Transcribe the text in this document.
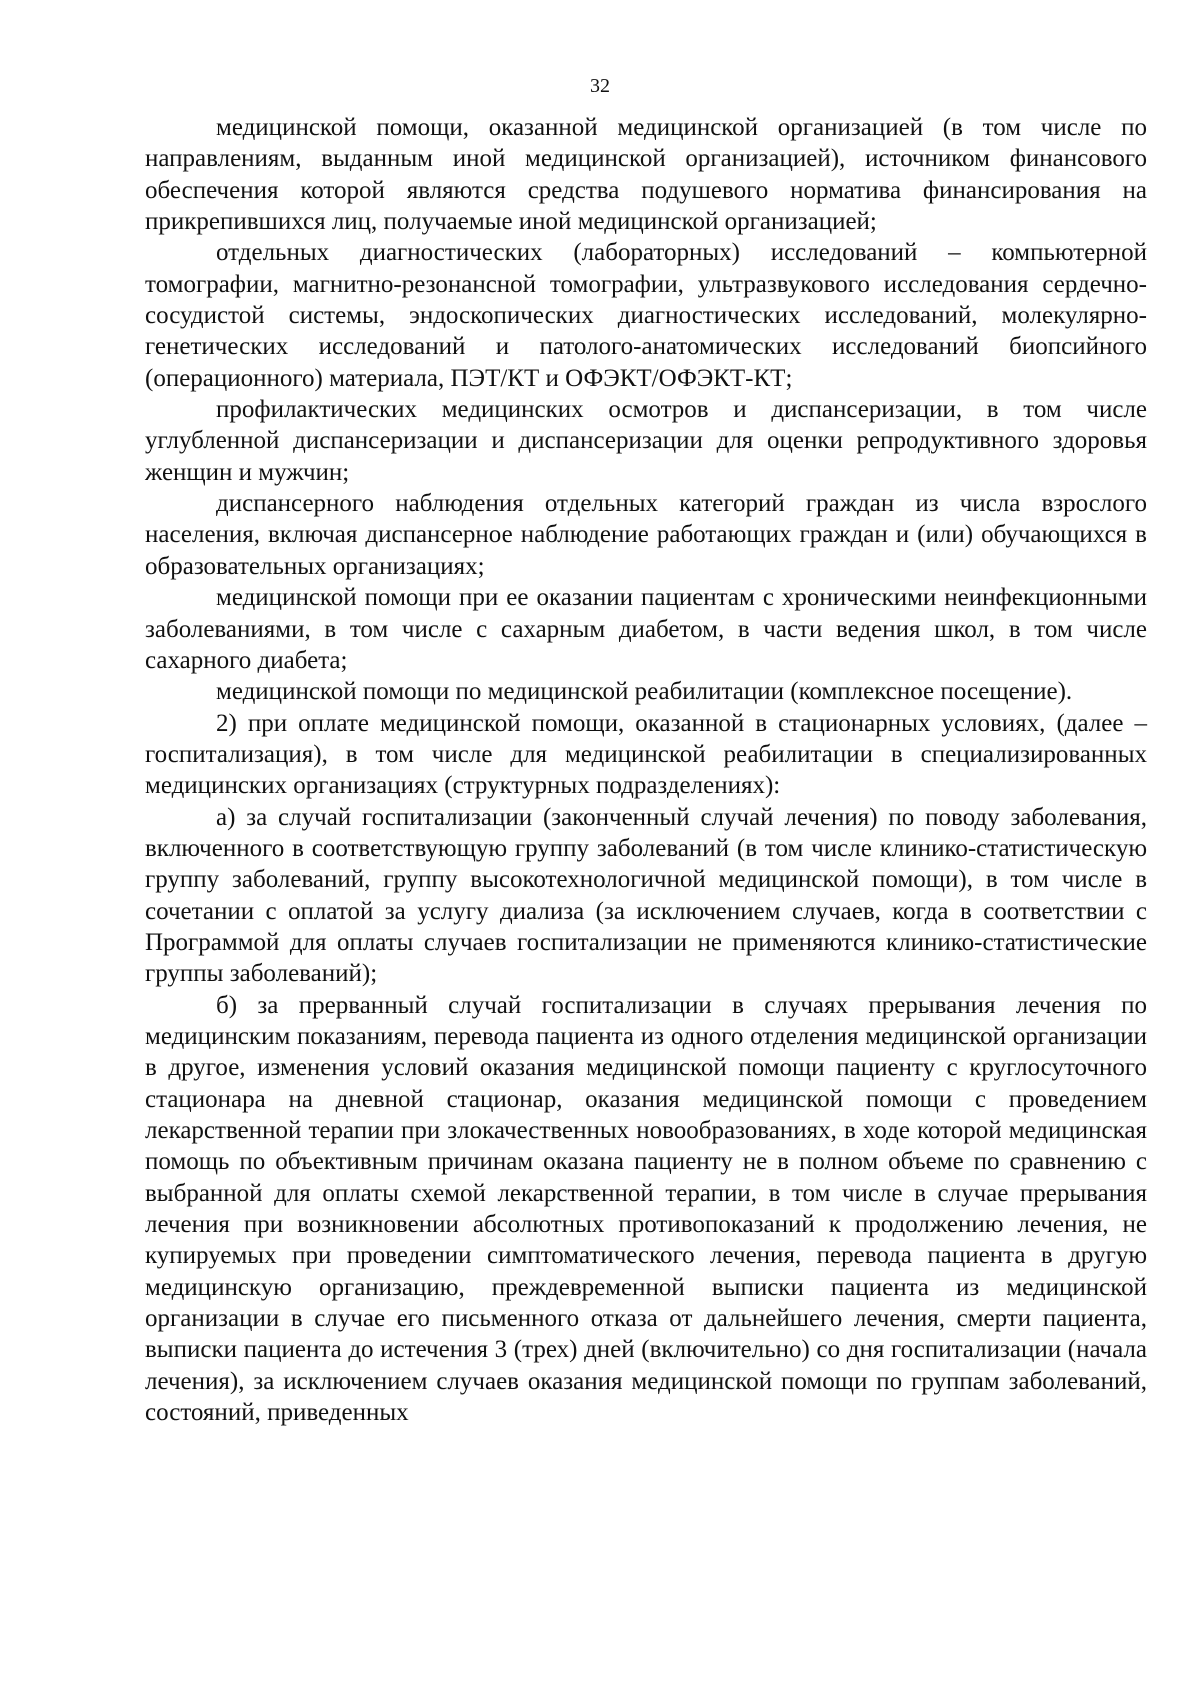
32

медицинской помощи, оказанной медицинской организацией (в том числе по направлениям, выданным иной медицинской организацией), источником финансового обеспечения которой являются средства подушевого норматива финансирования на прикрепившихся лиц, получаемые иной медицинской организацией;

отдельных диагностических (лабораторных) исследований – компьютерной томографии, магнитно-резонансной томографии, ультразвукового исследования сердечно-сосудистой системы, эндоскопических диагностических исследований, молекулярно-генетических исследований и патолого-анатомических исследований биопсийного (операционного) материала, ПЭТ/КТ и ОФЭКТ/ОФЭКТ-КТ;

профилактических медицинских осмотров и диспансеризации, в том числе углубленной диспансеризации и диспансеризации для оценки репродуктивного здоровья женщин и мужчин;

диспансерного наблюдения отдельных категорий граждан из числа взрослого населения, включая диспансерное наблюдение работающих граждан и (или) обучающихся в образовательных организациях;

медицинской помощи при ее оказании пациентам с хроническими неинфекционными заболеваниями, в том числе с сахарным диабетом, в части ведения школ, в том числе сахарного диабета;

медицинской помощи по медицинской реабилитации (комплексное посещение).

2) при оплате медицинской помощи, оказанной в стационарных условиях, (далее – госпитализация), в том числе для медицинской реабилитации в специализированных медицинских организациях (структурных подразделениях):

а) за случай госпитализации (законченный случай лечения) по поводу заболевания, включенного в соответствующую группу заболеваний (в том числе клинико-статистическую группу заболеваний, группу высокотехнологичной медицинской помощи), в том числе в сочетании с оплатой за услугу диализа (за исключением случаев, когда в соответствии с Программой для оплаты случаев госпитализации не применяются клинико-статистические группы заболеваний);

б) за прерванный случай госпитализации в случаях прерывания лечения по медицинским показаниям, перевода пациента из одного отделения медицинской организации в другое, изменения условий оказания медицинской помощи пациенту с круглосуточного стационара на дневной стационар, оказания медицинской помощи с проведением лекарственной терапии при злокачественных новообразованиях, в ходе которой медицинская помощь по объективным причинам оказана пациенту не в полном объеме по сравнению с выбранной для оплаты схемой лекарственной терапии, в том числе в случае прерывания лечения при возникновении абсолютных противопоказаний к продолжению лечения, не купируемых при проведении симптоматического лечения, перевода пациента в другую медицинскую организацию, преждевременной выписки пациента из медицинской организации в случае его письменного отказа от дальнейшего лечения, смерти пациента, выписки пациента до истечения 3 (трех) дней (включительно) со дня госпитализации (начала лечения), за исключением случаев оказания медицинской помощи по группам заболеваний, состояний, приведенных
